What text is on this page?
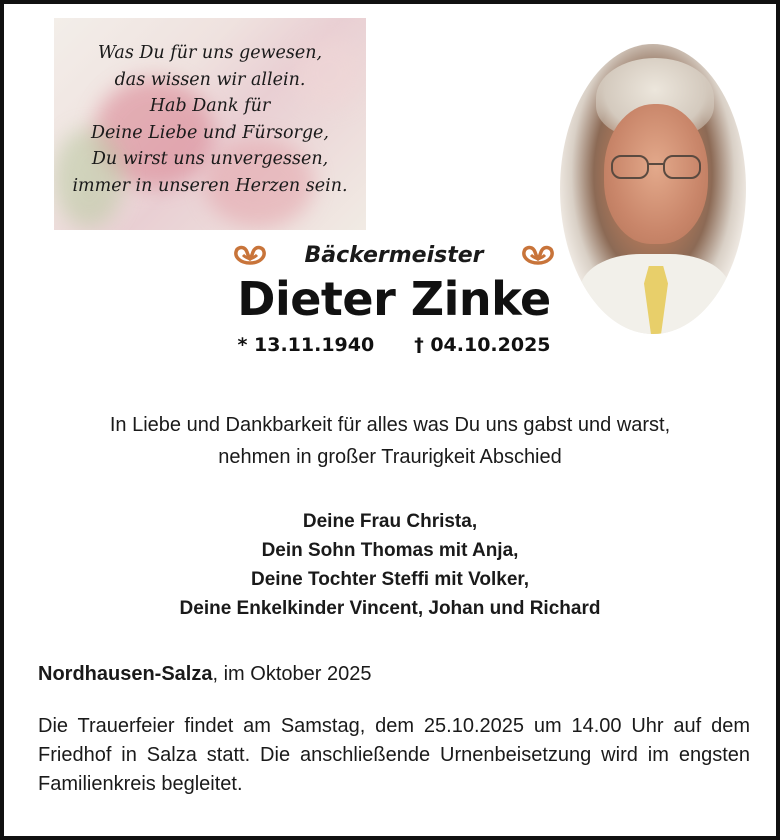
Was Du für uns gewesen,
das wissen wir allein.
Hab Dank für
Deine Liebe und Fürsorge,
Du wirst uns unvergessen,
immer in unseren Herzen sein.
Bäckermeister
Dieter Zinke
* 13.11.1940 † 04.10.2025
In Liebe und Dankbarkeit für alles was Du uns gabst und warst,
nehmen in großer Traurigkeit Abschied
Deine Frau Christa,
Dein Sohn Thomas mit Anja,
Deine Tochter Steffi mit Volker,
Deine Enkelkinder Vincent, Johan und Richard
Nordhausen-Salza, im Oktober 2025
Die Trauerfeier findet am Samstag, dem 25.10.2025 um 14.00 Uhr auf dem Friedhof in Salza statt. Die anschließende Urnenbeisetzung wird im engsten Familienkreis begleitet.
